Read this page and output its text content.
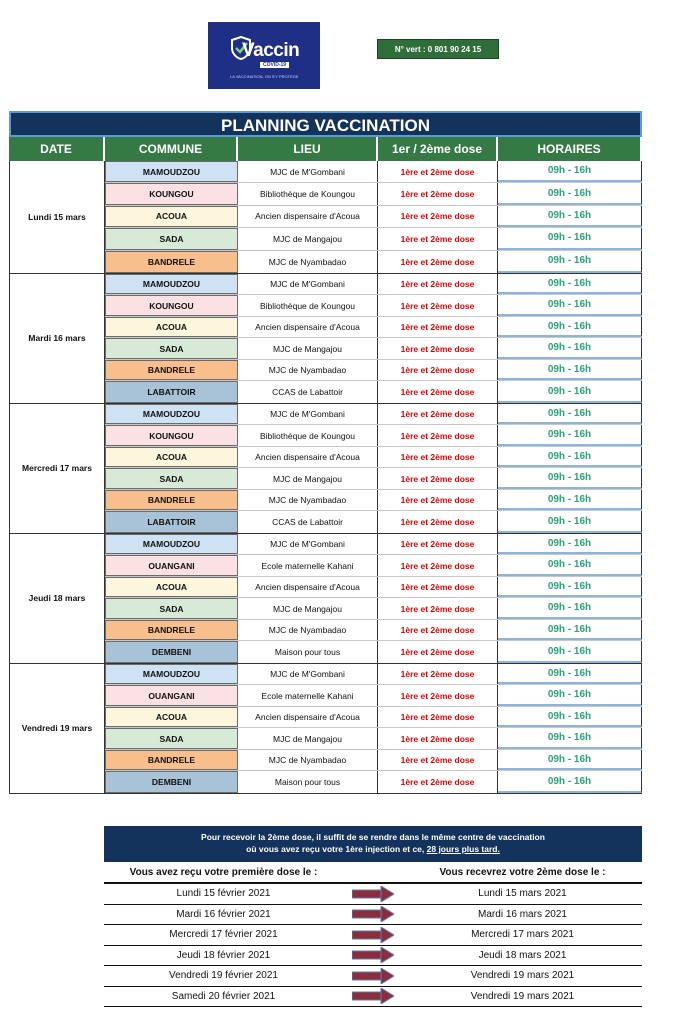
Vaccin
COVID-19
LA VACCINATION, ON S'Y PROTEGE
N° vert : 0 801 90 24 15
PLANNING VACCINATION
DATE	COMMUNE	LIEU	1er / 2ème dose	HORAIRES
Lundi 15 mars
MAMOUDZOU	MJC de M'Gombani	1ère et 2ème dose	09h - 16h
KOUNGOU	Bibliothèque de Koungou	1ère et 2ème dose	09h - 16h
ACOUA	Ancien dispensaire d'Acoua	1ère et 2ème dose	09h - 16h
SADA	MJC de Mangajou	1ère et 2ème dose	09h - 16h
BANDRELE	MJC de Nyambadao	1ère et 2ème dose	09h - 16h
Mardi 16 mars
MAMOUDZOU	MJC de M'Gombani	1ère et 2ème dose	09h - 16h
KOUNGOU	Bibliothèque de Koungou	1ère et 2ème dose	09h - 16h
ACOUA	Ancien dispensaire d'Acoua	1ère et 2ème dose	09h - 16h
SADA	MJC de Mangajou	1ère et 2ème dose	09h - 16h
BANDRELE	MJC de Nyambadao	1ère et 2ème dose	09h - 16h
LABATTOIR	CCAS de Labattoir	1ère et 2ème dose	09h - 16h
Mercredi 17 mars
MAMOUDZOU	MJC de M'Gombani	1ère et 2ème dose	09h - 16h
KOUNGOU	Bibliothèque de Koungou	1ère et 2ème dose	09h - 16h
ACOUA	Ancien dispensaire d'Acoua	1ère et 2ème dose	09h - 16h
SADA	MJC de Mangajou	1ère et 2ème dose	09h - 16h
BANDRELE	MJC de Nyambadao	1ère et 2ème dose	09h - 16h
LABATTOIR	CCAS de Labattoir	1ère et 2ème dose	09h - 16h
Jeudi 18 mars
MAMOUDZOU	MJC de M'Gombani	1ère et 2ème dose	09h - 16h
OUANGANI	Ecole maternelle Kahani	1ère et 2ème dose	09h - 16h
ACOUA	Ancien dispensaire d'Acoua	1ère et 2ème dose	09h - 16h
SADA	MJC de Mangajou	1ère et 2ème dose	09h - 16h
BANDRELE	MJC de Nyambadao	1ère et 2ème dose	09h - 16h
DEMBENI	Maison pour tous	1ère et 2ème dose	09h - 16h
Vendredi 19 mars
MAMOUDZOU	MJC de M'Gombani	1ère et 2ème dose	09h - 16h
OUANGANI	Ecole maternelle Kahani	1ère et 2ème dose	09h - 16h
ACOUA	Ancien dispensaire d'Acoua	1ère et 2ème dose	09h - 16h
SADA	MJC de Mangajou	1ère et 2ème dose	09h - 16h
BANDRELE	MJC de Nyambadao	1ère et 2ème dose	09h - 16h
DEMBENI	Maison pour tous	1ère et 2ème dose	09h - 16h
Pour recevoir la 2ème dose, il suffit de se rendre dans le même centre de vaccination
où vous avez reçu votre 1ère injection et ce, 28 jours plus tard.
Vous avez reçu votre première dose le :	Vous recevrez votre 2ème dose le :
Lundi 15 février 2021	Lundi 15 mars 2021
Mardi 16 février 2021	Mardi 16 mars 2021
Mercredi 17 février 2021	Mercredi 17 mars 2021
Jeudi 18 février 2021	Jeudi 18 mars 2021
Vendredi 19 février 2021	Vendredi 19 mars 2021
Samedi 20 février 2021	Vendredi 19 mars 2021
